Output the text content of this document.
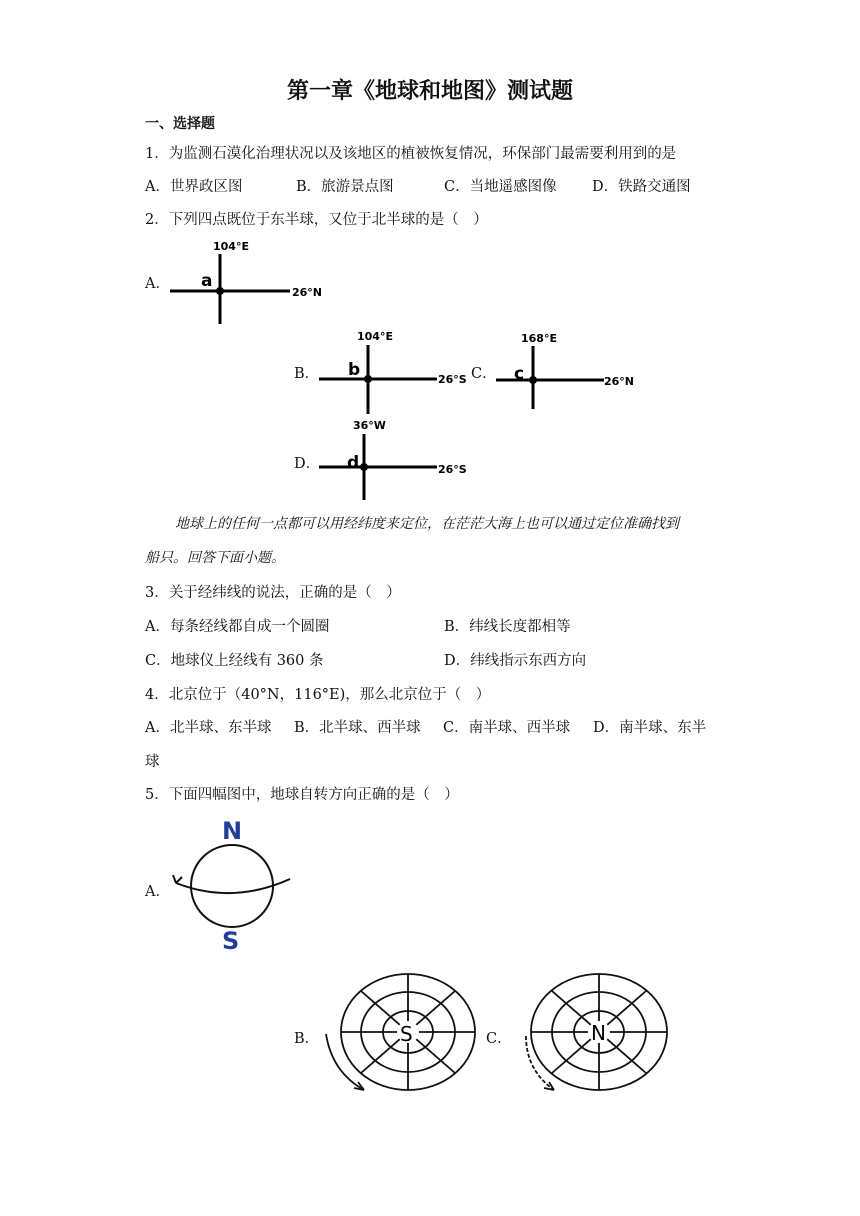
第一章《地球和地图》测试题
一、选择题
1．为监测石漠化治理状况以及该地区的植被恢复情况，环保部门最需要利用到的是
A．世界政区图	B．旅游景点图	C．当地遥感图像 D．铁路交通图
2．下列四点既位于东半球，又位于北半球的是（　）
A．
104°E
a
26°N
B．
104°E
b	26°S C．
168°E
c	26°N
D．
36°W
d	26°S
地球上的任何一点都可以用经纬度来定位，在茫茫大海上也可以通过定位准确找到
船只。回答下面小题。
3．关于经纬线的说法，正确的是（　）
A．每条经线都自成一个圆圈	B．纬线长度都相等
C．地球仪上经线有 360 条	D．纬线指示东西方向
4．北京位于（40°N，116°E)，那么北京位于（　）
A．北半球、东半球 B．北半球、西半球 C．南半球、西半球 D．南半球、东半
球
5．下面四幅图中，地球自转方向正确的是（　）
A．
N
S
B．	S	C．	N
